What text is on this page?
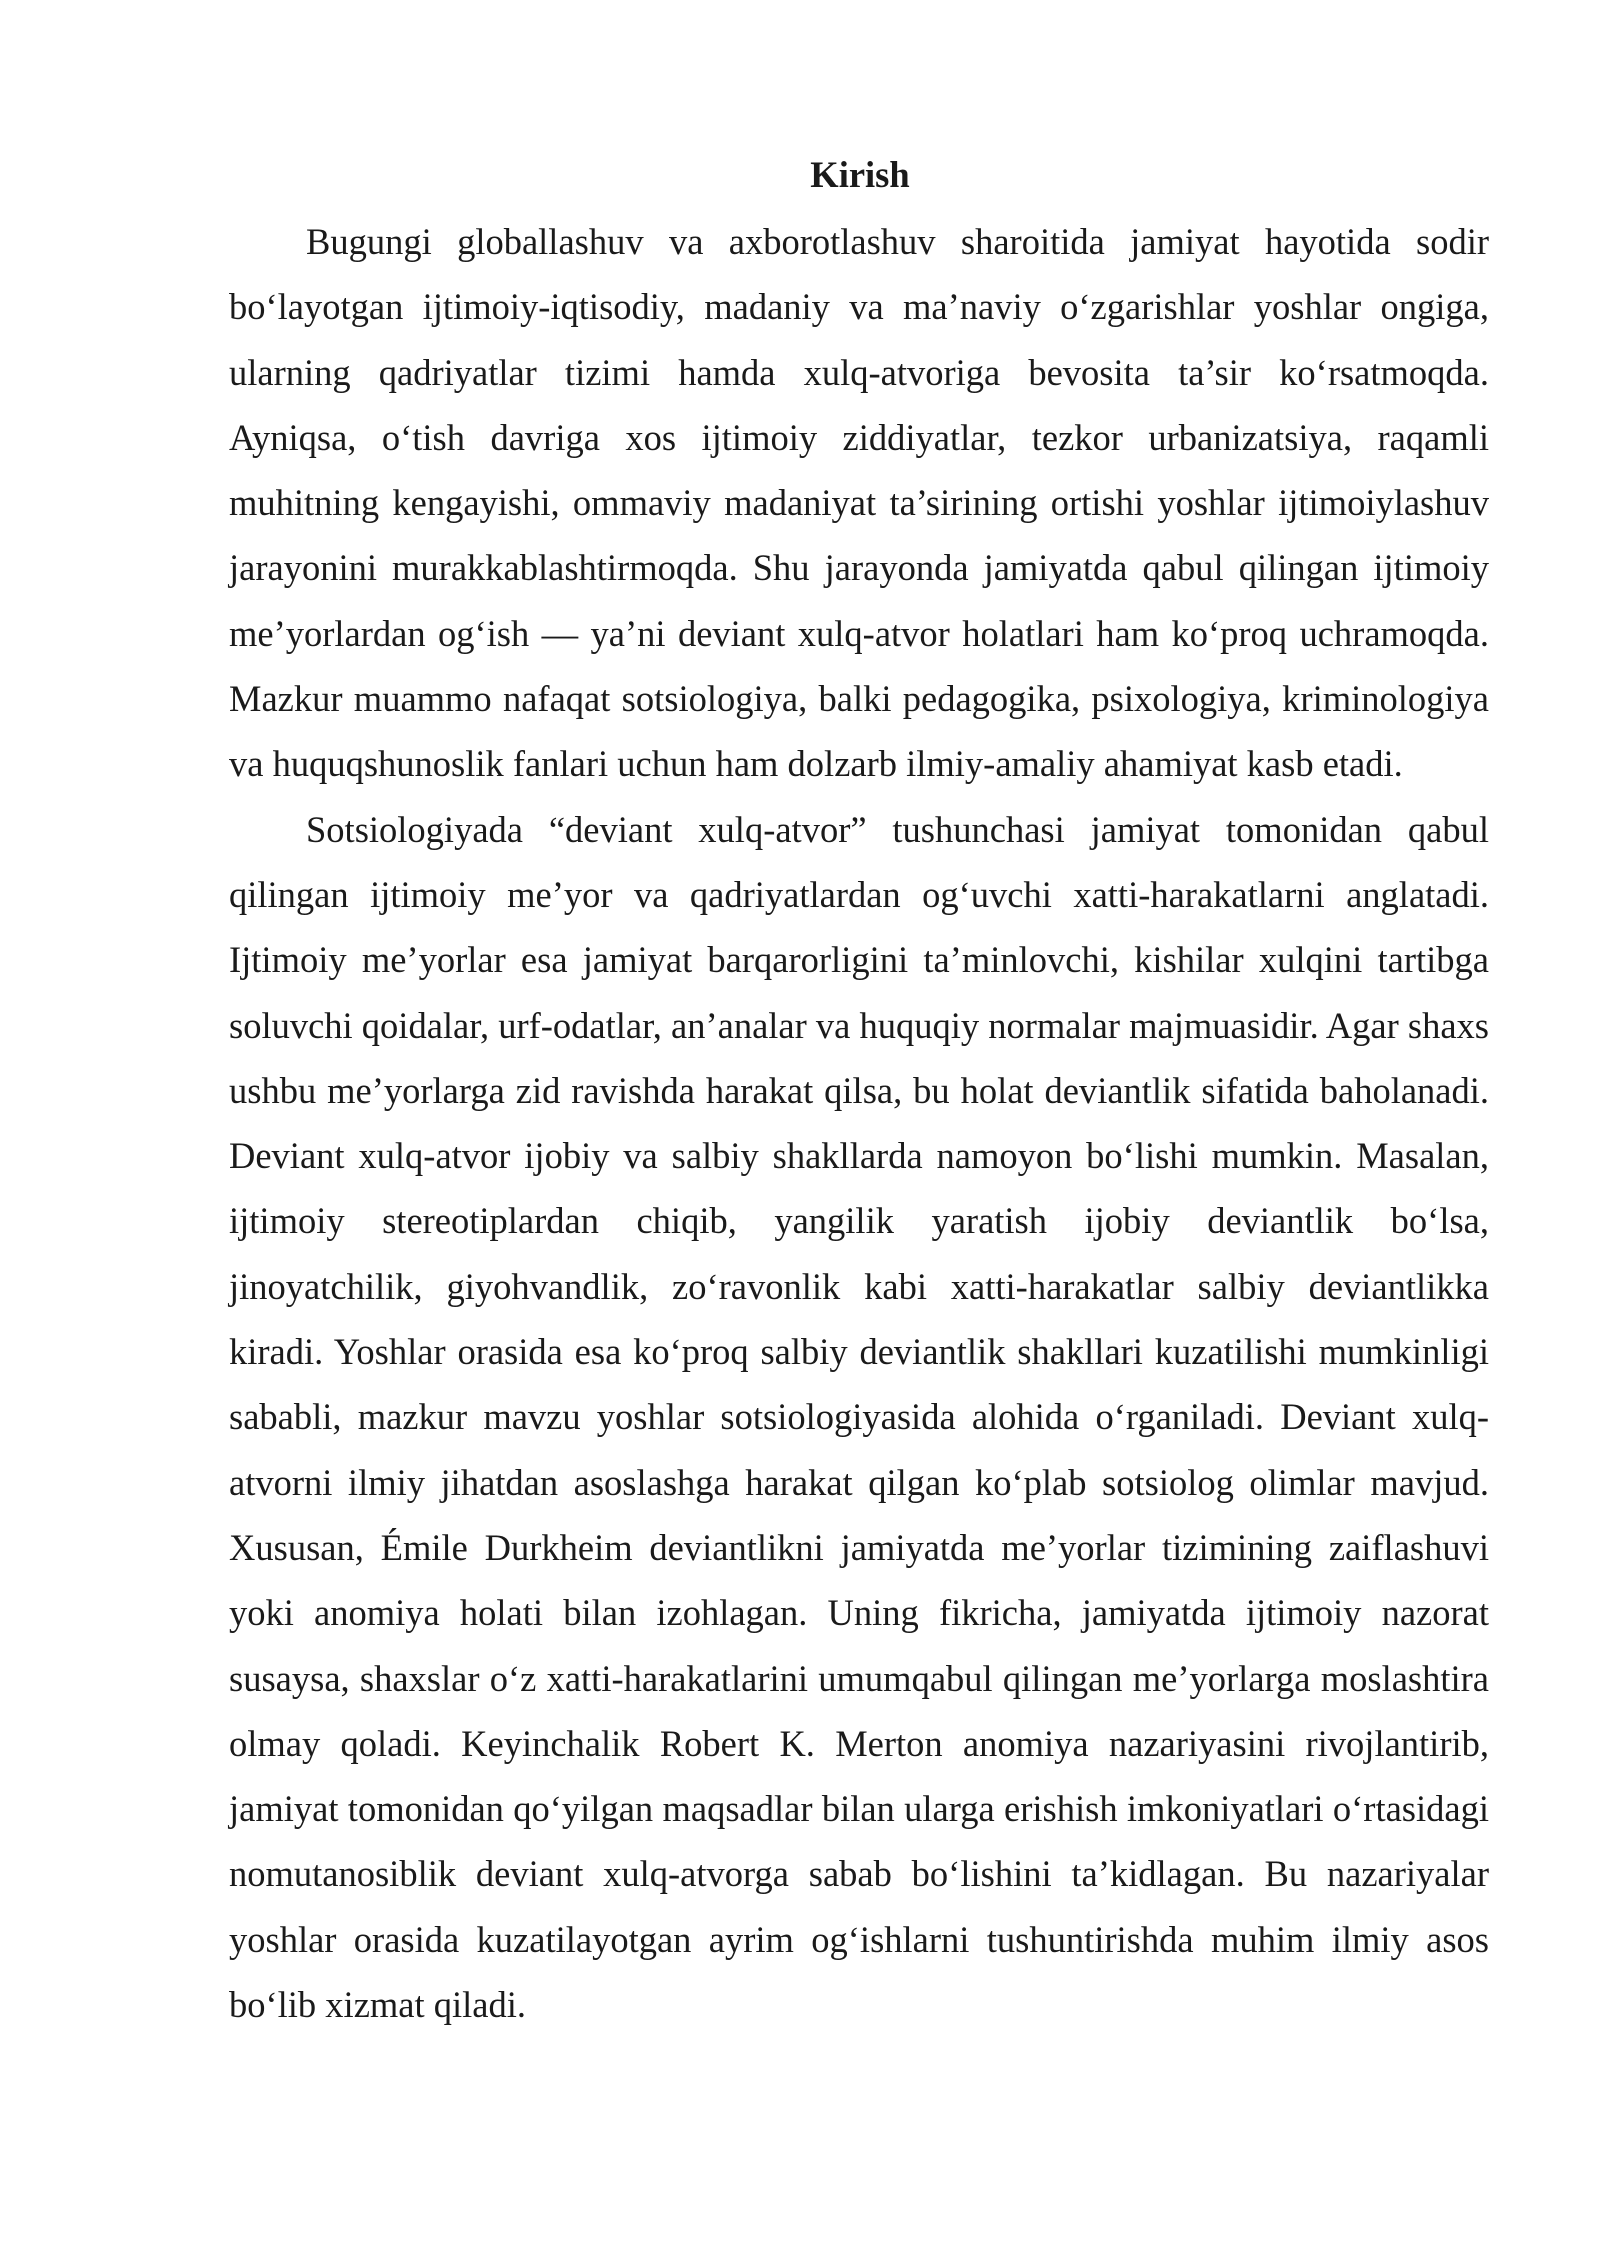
Kirish

Bugungi globallashuv va axborotlashuv sharoitida jamiyat hayotida sodir bo‘layotgan ijtimoiy-iqtisodiy, madaniy va ma’naviy o‘zgarishlar yoshlar ongiga, ularning qadriyatlar tizimi hamda xulq-atvoriga bevosita ta’sir ko‘rsatmoqda. Ayniqsa, o‘tish davriga xos ijtimoiy ziddiyatlar, tezkor urbanizatsiya, raqamli muhitning kengayishi, ommaviy madaniyat ta’sirining ortishi yoshlar ijtimoiylashuv jarayonini murakkablashtirmoqda. Shu jarayonda jamiyatda qabul qilingan ijtimoiy me’yorlardan og‘ish — ya’ni deviant xulq-atvor holatlari ham ko‘proq uchramoqda. Mazkur muammo nafaqat sotsiologiya, balki pedagogika, psixologiya, kriminologiya va huquqshunoslik fanlari uchun ham dolzarb ilmiy-amaliy ahamiyat kasb etadi.

Sotsiologiyada “deviant xulq-atvor” tushunchasi jamiyat tomonidan qabul qilingan ijtimoiy me’yor va qadriyatlardan og‘uvchi xatti-harakatlarni anglatadi. Ijtimoiy me’yorlar esa jamiyat barqarorligini ta’minlovchi, kishilar xulqini tartibga soluvchi qoidalar, urf-odatlar, an’analar va huquqiy normalar majmuasidir. Agar shaxs ushbu me’yorlarga zid ravishda harakat qilsa, bu holat deviantlik sifatida baholanadi. Deviant xulq-atvor ijobiy va salbiy shakllarda namoyon bo‘lishi mumkin. Masalan, ijtimoiy stereotiplardan chiqib, yangilik yaratish ijobiy deviantlik bo‘lsa, jinoyatchilik, giyohvandlik, zo‘ravonlik kabi xatti-harakatlar salbiy deviantlikka kiradi. Yoshlar orasida esa ko‘proq salbiy deviantlik shakllari kuzatilishi mumkinligi sababli, mazkur mavzu yoshlar sotsiologiyasida alohida o‘rganiladi. Deviant xulq-atvorni ilmiy jihatdan asoslashga harakat qilgan ko‘plab sotsiolog olimlar mavjud. Xususan, Émile Durkheim deviantlikni jamiyatda me’yorlar tizimining zaiflashuvi yoki anomiya holati bilan izohlagan. Uning fikricha, jamiyatda ijtimoiy nazorat susaysa, shaxslar o‘z xatti-harakatlarini umumqabul qilingan me’yorlarga moslashtira olmay qoladi. Keyinchalik Robert K. Merton anomiya nazariyasini rivojlantirib, jamiyat tomonidan qo‘yilgan maqsadlar bilan ularga erishish imkoniyatlari o‘rtasidagi nomutanosiblik deviant xulq-atvorga sabab bo‘lishini ta’kidlagan. Bu nazariyalar yoshlar orasida kuzatilayotgan ayrim og‘ishlarni tushuntirishda muhim ilmiy asos bo‘lib xizmat qiladi.
